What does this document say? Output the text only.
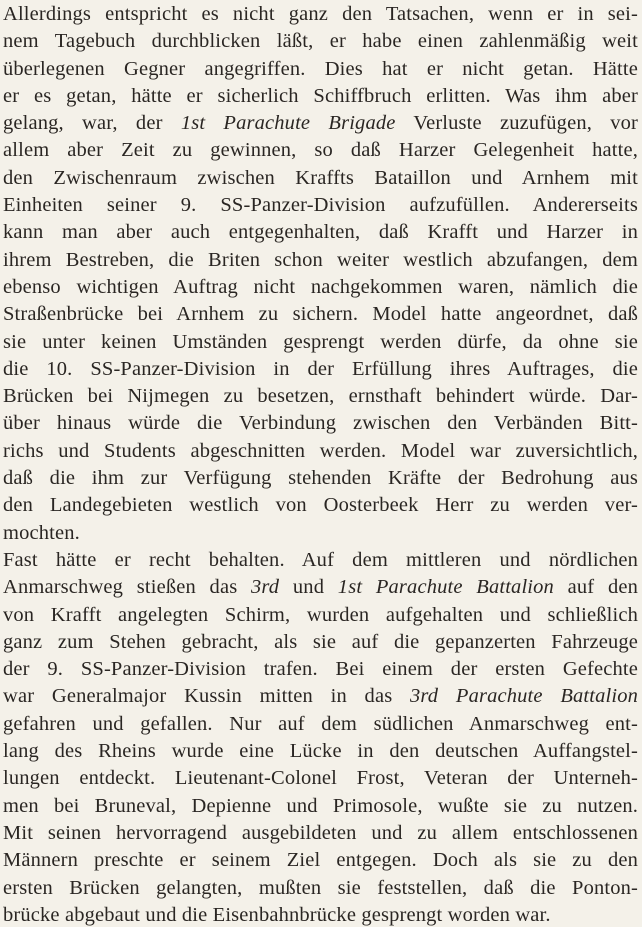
Allerdings entspricht es nicht ganz den Tatsachen, wenn er in sei-
nem Tagebuch durchblicken läßt, er habe einen zahlenmäßig weit
überlegenen Gegner angegriffen. Dies hat er nicht getan. Hätte
er es getan, hätte er sicherlich Schiffbruch erlitten. Was ihm aber
gelang, war, der 1st Parachute Brigade Verluste zuzufügen, vor
allem aber Zeit zu gewinnen, so daß Harzer Gelegenheit hatte,
den Zwischenraum zwischen Kraffts Bataillon und Arnhem mit
Einheiten seiner 9. SS-Panzer-Division aufzufüllen. Andererseits
kann man aber auch entgegenhalten, daß Krafft und Harzer in
ihrem Bestreben, die Briten schon weiter westlich abzufangen, dem
ebenso wichtigen Auftrag nicht nachgekommen waren, nämlich die
Straßenbrücke bei Arnhem zu sichern. Model hatte angeordnet, daß
sie unter keinen Umständen gesprengt werden dürfe, da ohne sie
die 10. SS-Panzer-Division in der Erfüllung ihres Auftrages, die
Brücken bei Nijmegen zu besetzen, ernsthaft behindert würde. Dar-
über hinaus würde die Verbindung zwischen den Verbänden Bitt-
richs und Students abgeschnitten werden. Model war zuversichtlich,
daß die ihm zur Verfügung stehenden Kräfte der Bedrohung aus
den Landegebieten westlich von Oosterbeek Herr zu werden ver-
mochten.
Fast hätte er recht behalten. Auf dem mittleren und nördlichen
Anmarschweg stießen das 3rd und 1st Parachute Battalion auf den
von Krafft angelegten Schirm, wurden aufgehalten und schließlich
ganz zum Stehen gebracht, als sie auf die gepanzerten Fahrzeuge
der 9. SS-Panzer-Division trafen. Bei einem der ersten Gefechte
war Generalmajor Kussin mitten in das 3rd Parachute Battalion
gefahren und gefallen. Nur auf dem südlichen Anmarschweg ent-
lang des Rheins wurde eine Lücke in den deutschen Auffangstel-
lungen entdeckt. Lieutenant-Colonel Frost, Veteran der Unterneh-
men bei Bruneval, Depienne und Primosole, wußte sie zu nutzen.
Mit seinen hervorragend ausgebildeten und zu allem entschlossenen
Männern preschte er seinem Ziel entgegen. Doch als sie zu den
ersten Brücken gelangten, mußten sie feststellen, daß die Ponton-
brücke abgebaut und die Eisenbahnbrücke gesprengt worden war.
